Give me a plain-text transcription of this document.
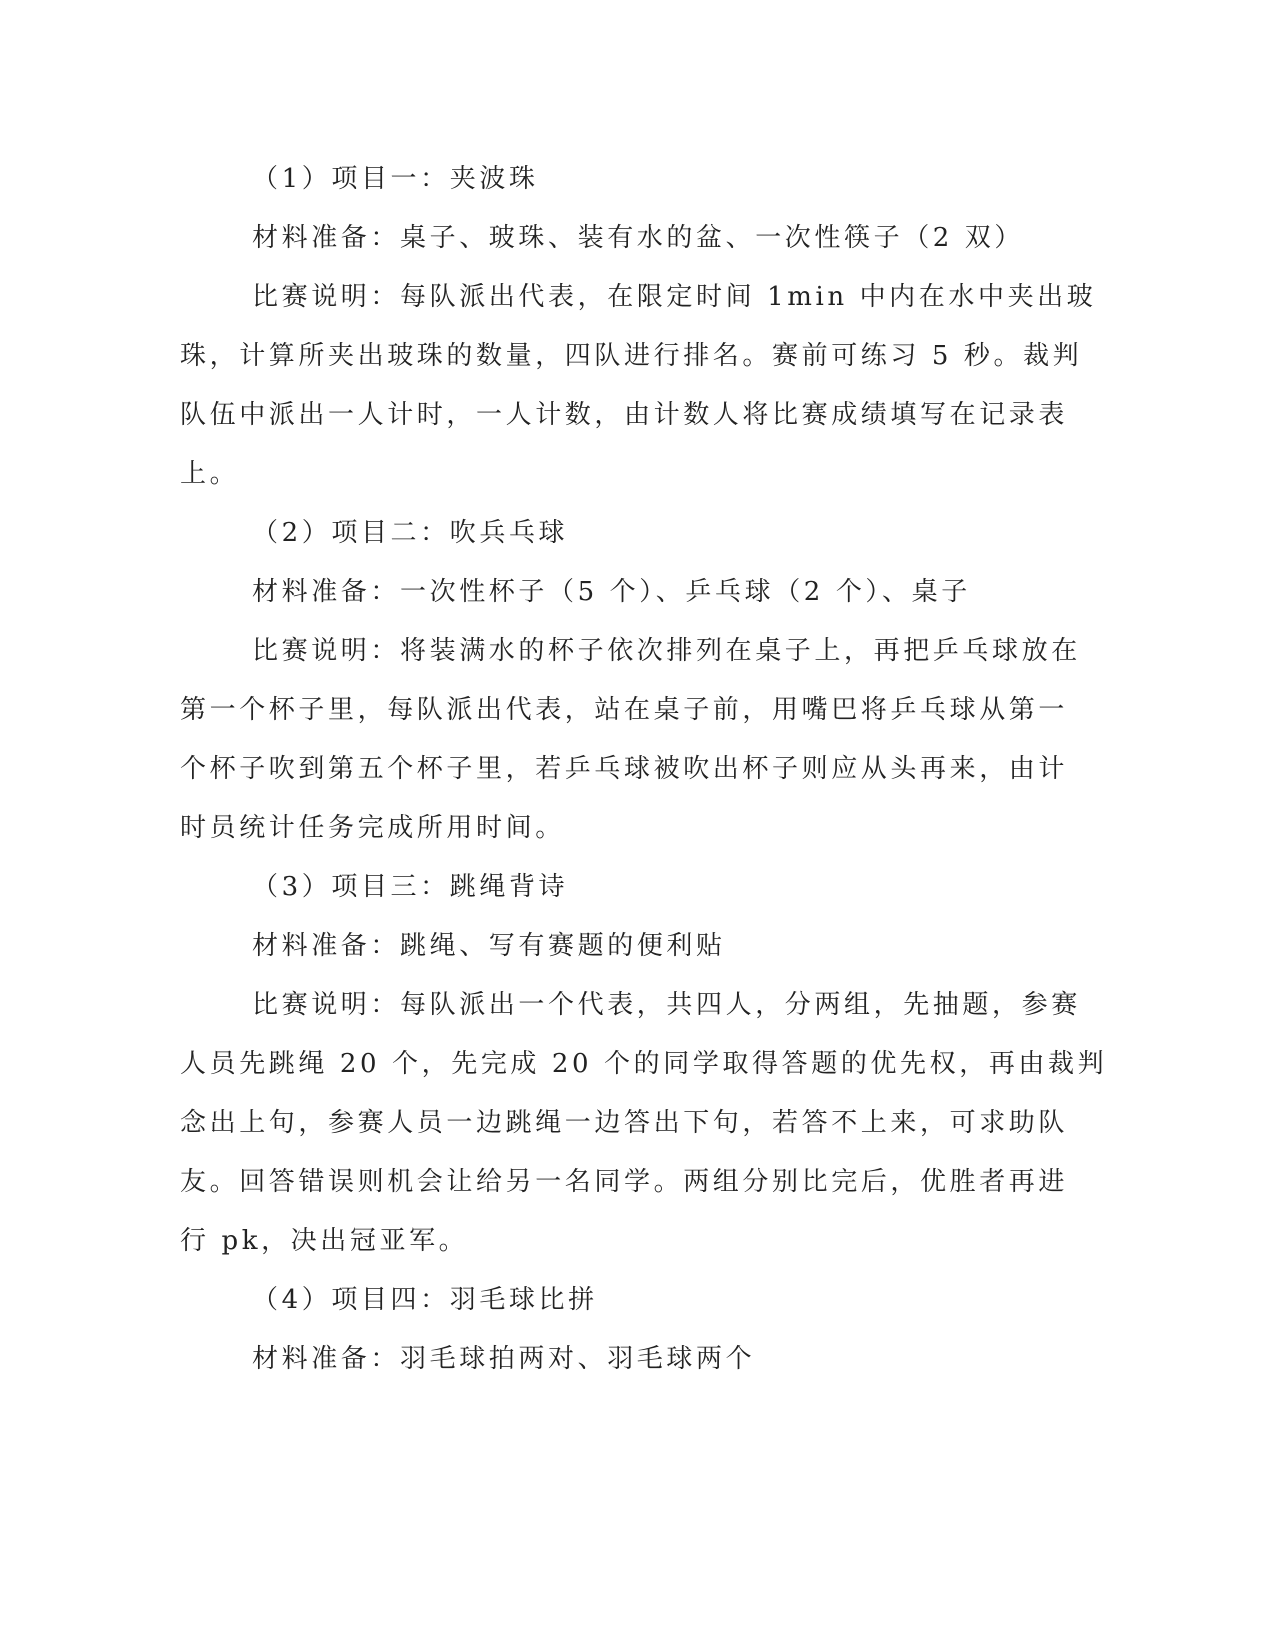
（1）项目一：夹波珠

材料准备：桌子、玻珠、装有水的盆、一次性筷子（2 双）

比赛说明：每队派出代表，在限定时间 1min 中内在水中夹出玻
珠，计算所夹出玻珠的数量，四队进行排名。赛前可练习 5 秒。裁判
队伍中派出一人计时，一人计数，由计数人将比赛成绩填写在记录表
上。

（2）项目二：吹兵乓球

材料准备：一次性杯子（5 个）、乒乓球（2 个）、桌子

比赛说明：将装满水的杯子依次排列在桌子上，再把乒乓球放在
第一个杯子里，每队派出代表，站在桌子前，用嘴巴将乒乓球从第一
个杯子吹到第五个杯子里，若乒乓球被吹出杯子则应从头再来，由计
时员统计任务完成所用时间。

（3）项目三：跳绳背诗

材料准备：跳绳、写有赛题的便利贴

比赛说明：每队派出一个代表，共四人，分两组，先抽题，参赛
人员先跳绳 20 个，先完成 20 个的同学取得答题的优先权，再由裁判
念出上句，参赛人员一边跳绳一边答出下句，若答不上来，可求助队
友。回答错误则机会让给另一名同学。两组分别比完后，优胜者再进
行 pk，决出冠亚军。

（4）项目四：羽毛球比拼

材料准备：羽毛球拍两对、羽毛球两个
